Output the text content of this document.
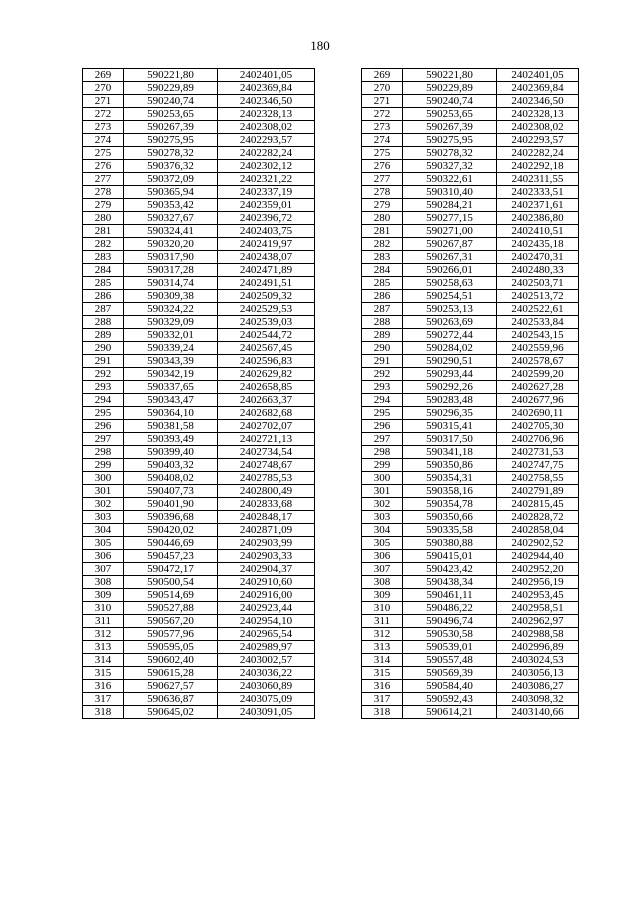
180
269	590221,80	2402401,05		269	590221,80	2402401,05
270	590229,89	2402369,84		270	590229,89	2402369,84
271	590240,74	2402346,50		271	590240,74	2402346,50
272	590253,65	2402328,13		272	590253,65	2402328,13
273	590267,39	2402308,02		273	590267,39	2402308,02
274	590275,95	2402293,57		274	590275,95	2402293,57
275	590278,32	2402282,24		275	590278,32	2402282,24
276	590376,32	2402302,12		276	590327,32	2402292,18
277	590372,09	2402321,22		277	590322,61	2402311,55
278	590365,94	2402337,19		278	590310,40	2402333,51
279	590353,42	2402359,01		279	590284,21	2402371,61
280	590327,67	2402396,72		280	590277,15	2402386,80
281	590324,41	2402403,75		281	590271,00	2402410,51
282	590320,20	2402419,97		282	590267,87	2402435,18
283	590317,90	2402438,07		283	590267,31	2402470,31
284	590317,28	2402471,89		284	590266,01	2402480,33
285	590314,74	2402491,51		285	590258,63	2402503,71
286	590309,38	2402509,32		286	590254,51	2402513,72
287	590324,22	2402529,53		287	590253,13	2402522,61
288	590329,09	2402539,03		288	590263,69	2402533,84
289	590332,01	2402544,72		289	590272,44	2402543,15
290	590339,24	2402567,45		290	590284,02	2402559,96
291	590343,39	2402596,83		291	590290,51	2402578,67
292	590342,19	2402629,82		292	590293,44	2402599,20
293	590337,65	2402658,85		293	590292,26	2402627,28
294	590343,47	2402663,37		294	590283,48	2402677,96
295	590364,10	2402682,68		295	590296,35	2402690,11
296	590381,58	2402702,07		296	590315,41	2402705,30
297	590393,49	2402721,13		297	590317,50	2402706,96
298	590399,40	2402734,54		298	590341,18	2402731,53
299	590403,32	2402748,67		299	590350,86	2402747,75
300	590408,02	2402785,53		300	590354,31	2402758,55
301	590407,73	2402800,49		301	590358,16	2402791,89
302	590401,90	2402833,68		302	590354,78	2402815,45
303	590396,68	2402848,17		303	590350,66	2402828,72
304	590420,02	2402871,09		304	590335,58	2402858,04
305	590446,69	2402903,99		305	590380,88	2402902,52
306	590457,23	2402903,33		306	590415,01	2402944,40
307	590472,17	2402904,37		307	590423,42	2402952,20
308	590500,54	2402910,60		308	590438,34	2402956,19
309	590514,69	2402916,00		309	590461,11	2402953,45
310	590527,88	2402923,44		310	590486,22	2402958,51
311	590567,20	2402954,10		311	590496,74	2402962,97
312	590577,96	2402965,54		312	590530,58	2402988,58
313	590595,05	2402989,97		313	590539,01	2402996,89
314	590602,40	2403002,57		314	590557,48	2403024,53
315	590615,28	2403036,22		315	590569,39	2403056,13
316	590627,57	2403060,89		316	590584,40	2403086,27
317	590636,87	2403075,09		317	590592,43	2403098,32
318	590645,02	2403091,05		318	590614,21	2403140,66
